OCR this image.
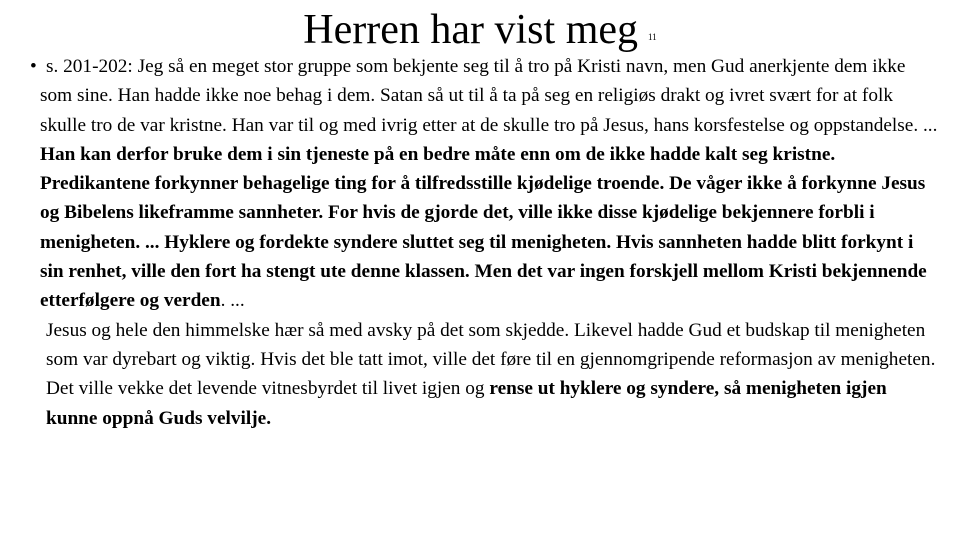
Herren har vist meg 11

• s. 201-202: Jeg så en meget stor gruppe som bekjente seg til å tro på Kristi navn, men Gud anerkjente dem ikke som sine. Han hadde ikke noe behag i dem. Satan så ut til å ta på seg en religiøs drakt og ivret svært for at folk skulle tro de var kristne. Han var til og med ivrig etter at de skulle tro på Jesus, hans korsfestelse og oppstandelse. ... Han kan derfor bruke dem i sin tjeneste på en bedre måte enn om de ikke hadde kalt seg kristne.

Predikantene forkynner behagelige ting for å tilfredsstille kjødelige troende. De våger ikke å forkynne Jesus og Bibelens likeframme sannheter. For hvis de gjorde det, ville ikke disse kjødelige bekjennere forbli i menigheten. ... Hyklere og fordekte syndere sluttet seg til menigheten. Hvis sannheten hadde blitt forkynt i sin renhet, ville den fort ha stengt ute denne klassen. Men det var ingen forskjell mellom Kristi bekjennende etterfølgere og verden. ...

Jesus og hele den himmelske hær så med avsky på det som skjedde. Likevel hadde Gud et budskap til menigheten som var dyrebart og viktig. Hvis det ble tatt imot, ville det føre til en gjennomgripende reformasjon av menigheten. Det ville vekke det levende vitnesbyrdet til livet igjen og rense ut hyklere og syndere, så menigheten igjen kunne oppnå Guds velvilje.
